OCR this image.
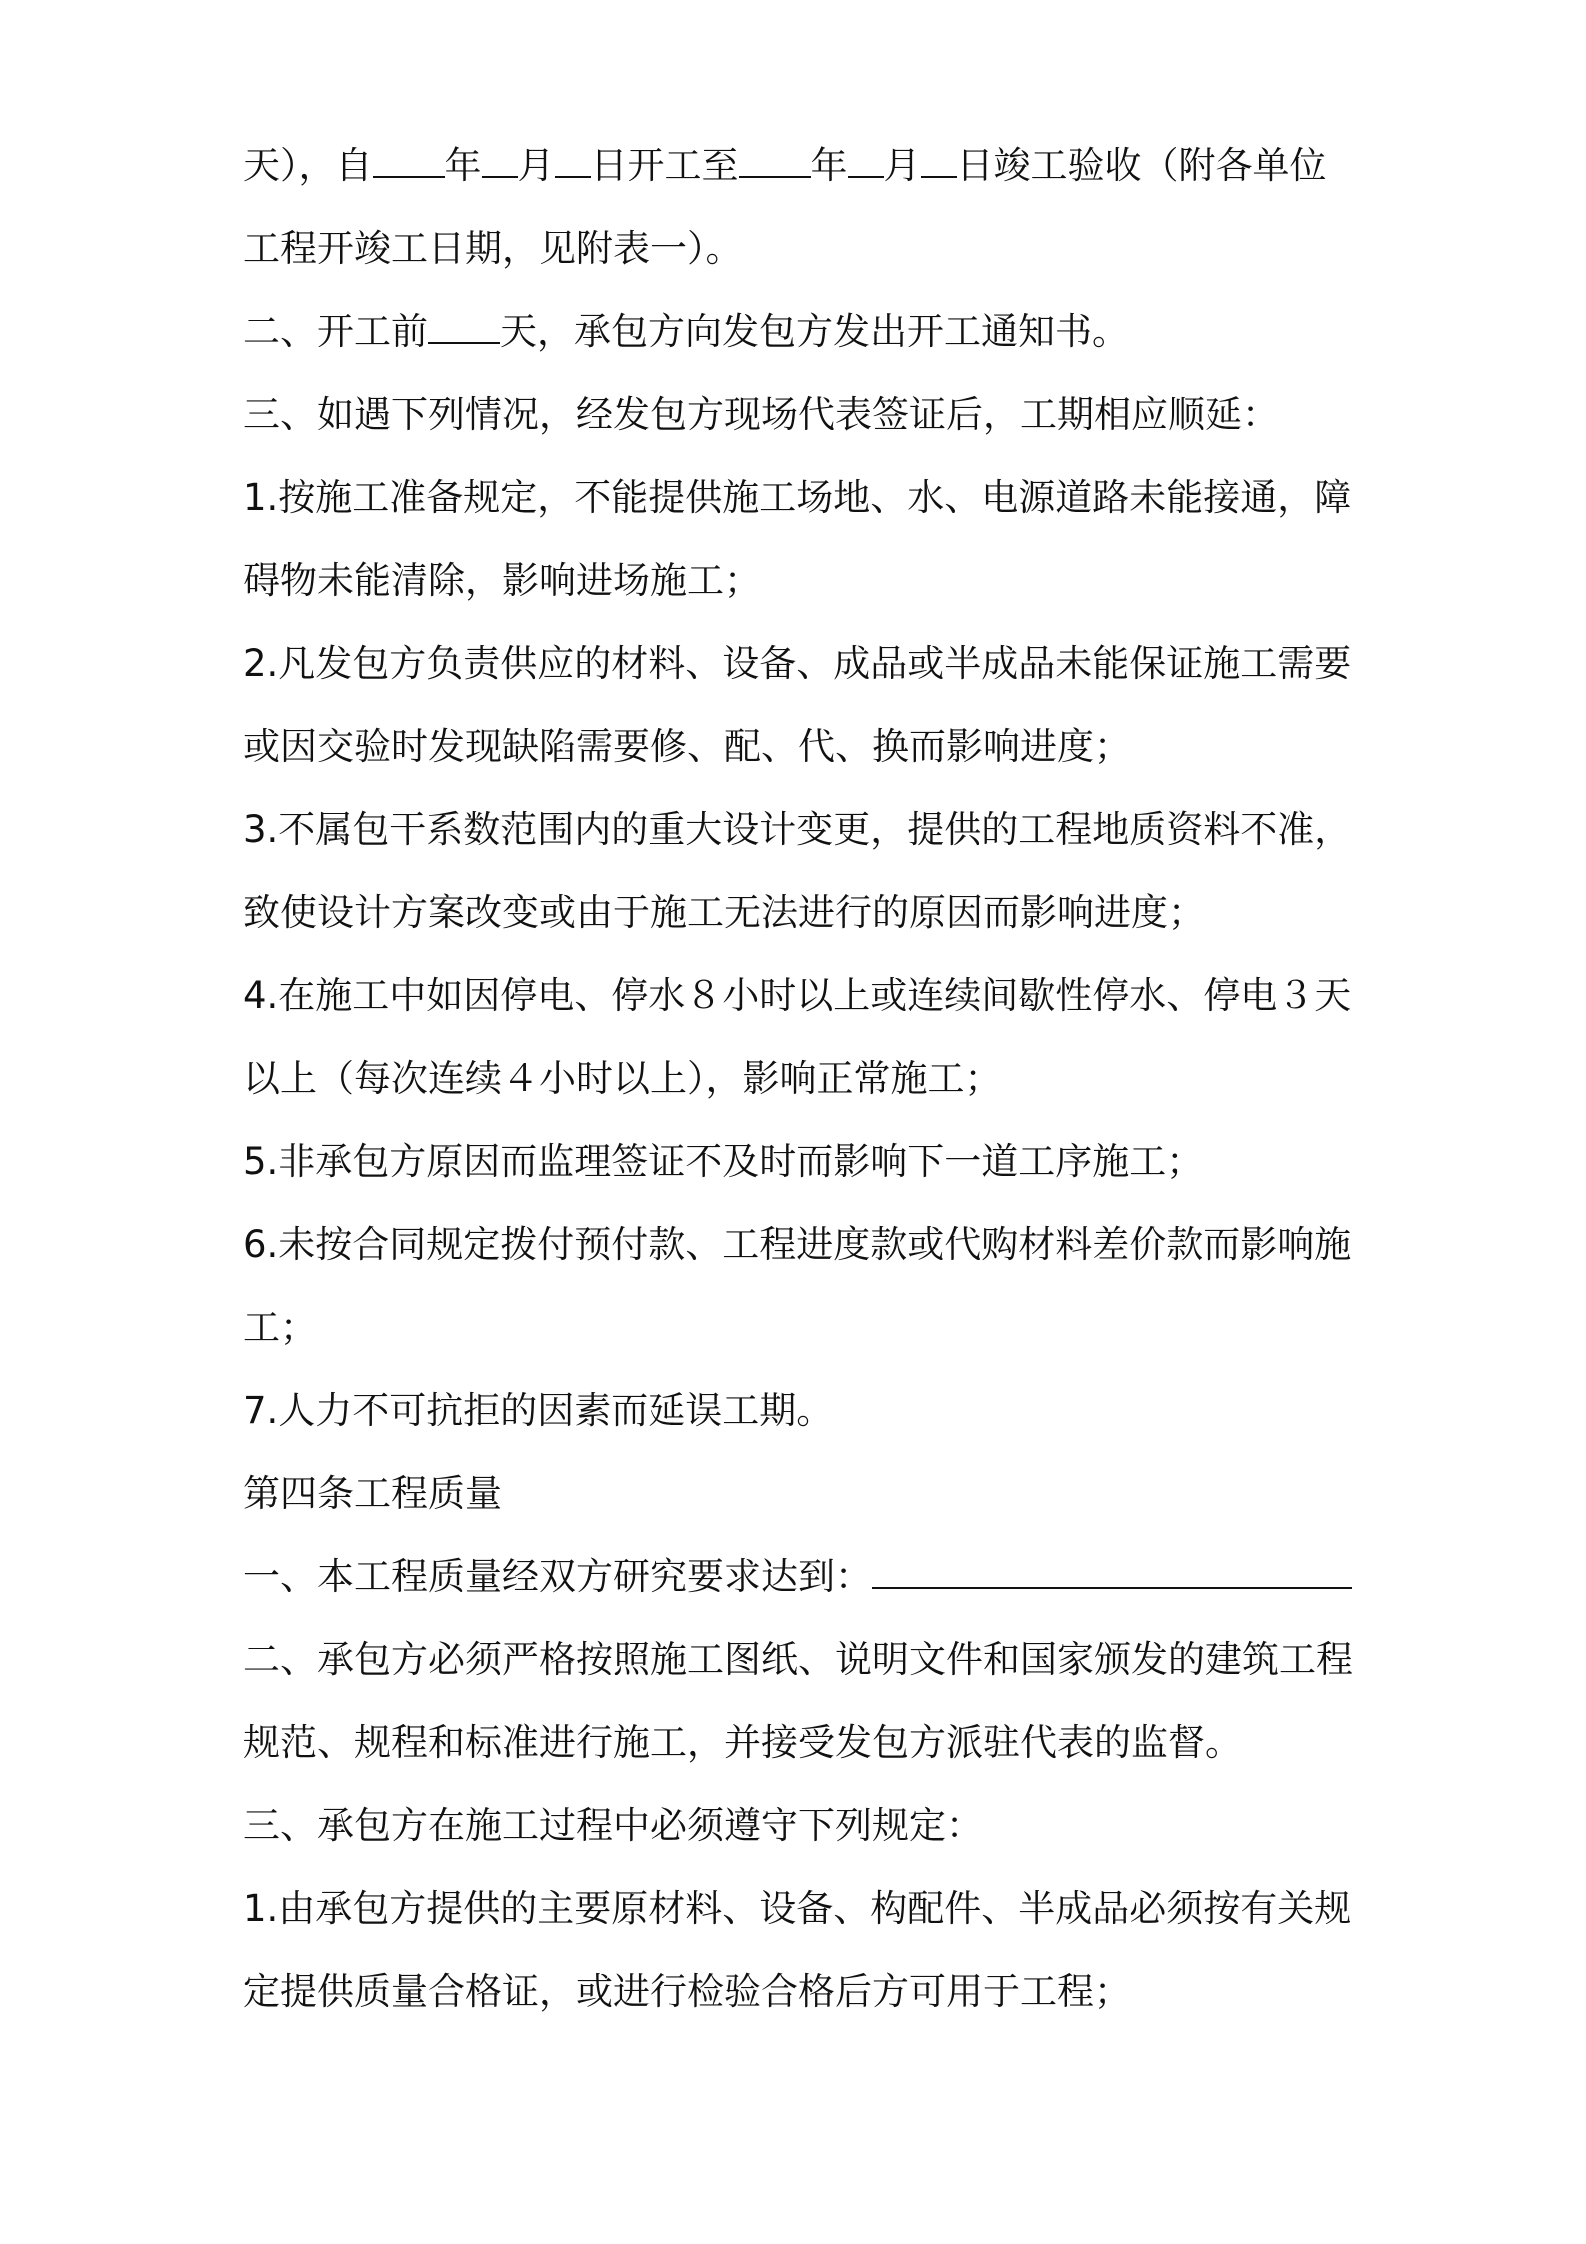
天），自 年 月 日开工至 年 月 日竣工验收（附各单位
工程开竣工日期，见附表一）。
二、开工前 天，承包方向发包方发出开工通知书。
三、如遇下列情况，经发包方现场代表签证后，工期相应顺延：
1.按施工准备规定，不能提供施工场地、水、电源道路未能接通，障
碍物未能清除，影响进场施工；
2.凡发包方负责供应的材料、设备、成品或半成品未能保证施工需要
或因交验时发现缺陷需要修、配、代、换而影响进度；
3.不属包干系数范围内的重大设计变更，提供的工程地质资料不准，
致使设计方案改变或由于施工无法进行的原因而影响进度；
4.在施工中如因停电、停水８小时以上或连续间歇性停水、停电３天
以上（每次连续４小时以上），影响正常施工；
5.非承包方原因而监理签证不及时而影响下一道工序施工；
6.未按合同规定拨付预付款、工程进度款或代购材料差价款而影响施
工；
7.人力不可抗拒的因素而延误工期。
第四条工程质量
一、本工程质量经双方研究要求达到：
二、承包方必须严格按照施工图纸、说明文件和国家颁发的建筑工程
规范、规程和标准进行施工，并接受发包方派驻代表的监督。
三、承包方在施工过程中必须遵守下列规定：
1.由承包方提供的主要原材料、设备、构配件、半成品必须按有关规
定提供质量合格证，或进行检验合格后方可用于工程；
